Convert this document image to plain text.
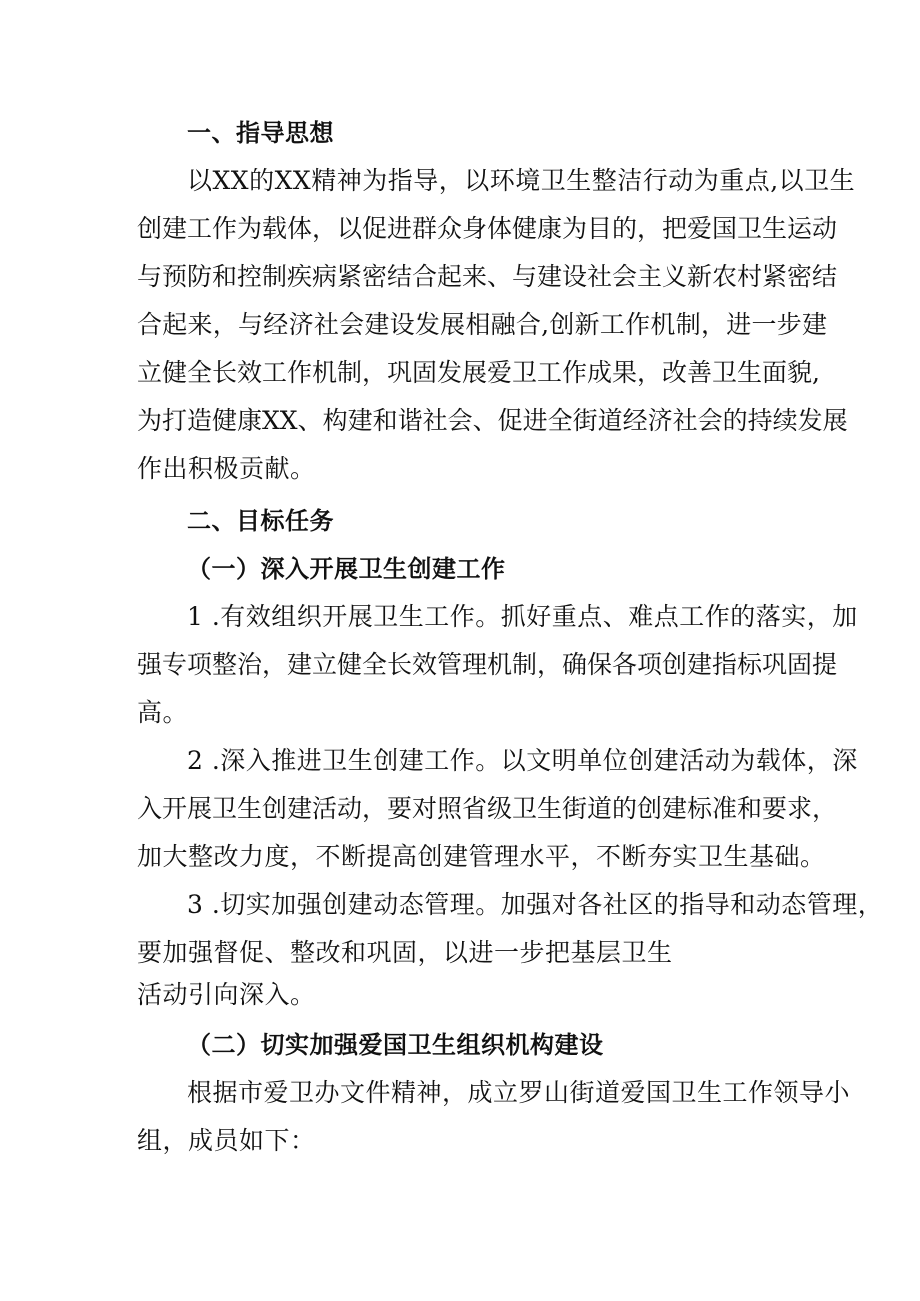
一、指导思想
以XX的XX精神为指导，以环境卫生整洁行动为重点,以卫生
创建工作为载体，以促进群众身体健康为目的，把爱国卫生运动
与预防和控制疾病紧密结合起来、与建设社会主义新农村紧密结
合起来，与经济社会建设发展相融合,创新工作机制，进一步建
立健全长效工作机制，巩固发展爱卫工作成果，改善卫生面貌,
为打造健康XX、构建和谐社会、促进全街道经济社会的持续发展
作出积极贡献。
二、目标任务
（一）深入开展卫生创建工作
1 .有效组织开展卫生工作。抓好重点、难点工作的落实，加
强专项整治，建立健全长效管理机制，确保各项创建指标巩固提
高。
2 .深入推进卫生创建工作。以文明单位创建活动为载体，深
入开展卫生创建活动，要对照省级卫生街道的创建标准和要求，
加大整改力度，不断提高创建管理水平，不断夯实卫生基础。
3 .切实加强创建动态管理。加强对各社区的指导和动态管理，
要加强督促、整改和巩固，以进一步把基层卫生
活动引向深入。
（二）切实加强爱国卫生组织机构建设
根据市爱卫办文件精神，成立罗山街道爱国卫生工作领导小
组，成员如下：
